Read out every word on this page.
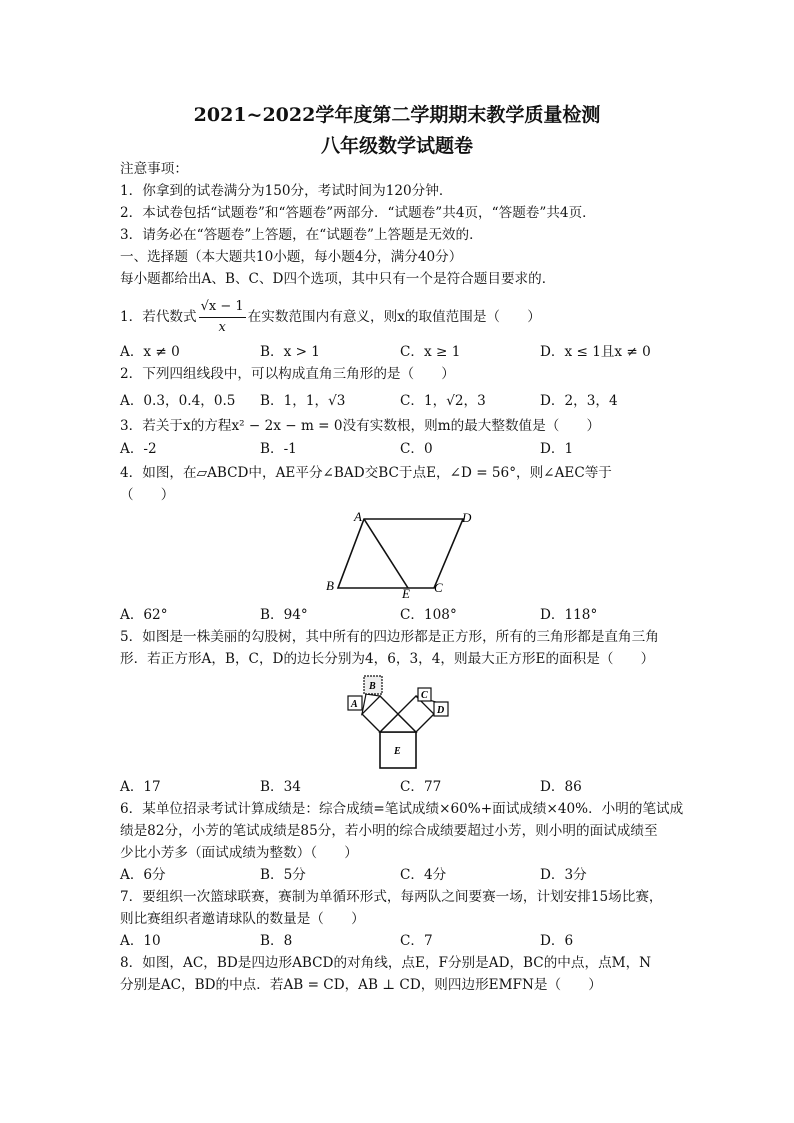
2021~2022学年度第二学期期末教学质量检测
八年级数学试题卷
注意事项：
1．你拿到的试卷满分为150分，考试时间为120分钟．
2．本试卷包括“试题卷”和“答题卷”两部分．“试题卷”共4页，“答题卷”共4页．
3．请务必在“答题卷”上答题，在“试题卷”上答题是无效的．
一、选择题（本大题共10小题，每小题4分，满分40分）
每小题都给出A、B、C、D四个选项，其中只有一个是符合题目要求的．
1．若代数式 $\frac{√x - 1}{x}$ 在实数范围内有意义，则x的取值范围是（　　）
A．x ≠ 0	B．x > 1	C．x ≥ 1	D．x ≤ 1且x ≠ 0
2．下列四组线段中，可以构成直角三角形的是（　　）
A．0.3，0.4，0.5 B．1，1，√3	C．1，√2，3	D．2，3，4
3．若关于x的方程x² − 2x − m = 0没有实数根，则m的最大整数值是（　　）
A．-2	B．-1	C．0	D．1
4．如图，在▱ABCD中，AE平分∠BAD交BC于点E，∠D = 56°，则∠AEC等于
（　　）
A	D
B
E C
A．62°	B．94°	C．108°	D．118°
5．如图是一株美丽的勾股树，其中所有的四边形都是正方形，所有的三角形都是直角三角
形．若正方形A，B，C，D的边长分别为4，6，3，4，则最大正方形E的面积是（　　）
A
B
C
D
E
A．17	B．34	C．77	D．86
6．某单位招录考试计算成绩是：综合成绩=笔试成绩×60%+面试成绩×40%．小明的笔试成
绩是82分，小芳的笔试成绩是85分，若小明的综合成绩要超过小芳，则小明的面试成绩至
少比小芳多（面试成绩为整数）（　　）
A．6分	B．5分	C．4分	D．3分
7．要组织一次篮球联赛，赛制为单循环形式，每两队之间要赛一场，计划安排15场比赛，
则比赛组织者邀请球队的数量是（　　）
A．10	B．8	C．7	D．6
8．如图，AC，BD是四边形ABCD的对角线，点E，F分别是AD，BC的中点，点M，N
分别是AC，BD的中点．若AB = CD，AB ⊥ CD，则四边形EMFN是（　　）
